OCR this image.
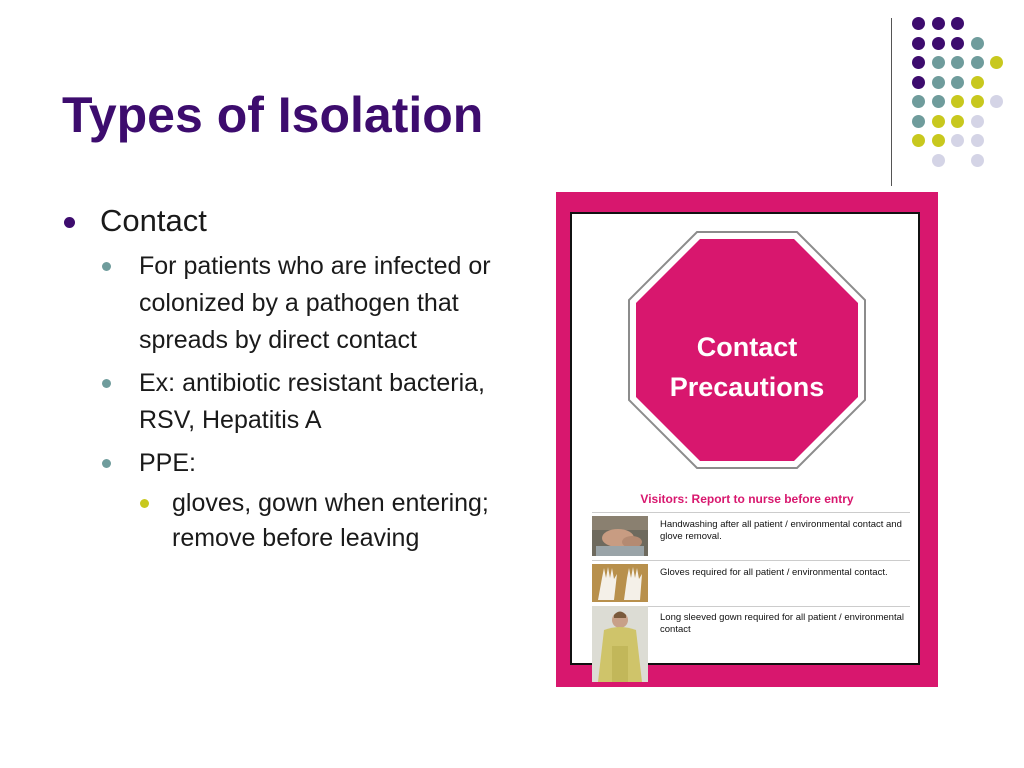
Types of Isolation
Contact
For patients who are infected or colonized by a pathogen that spreads by direct contact
Ex: antibiotic resistant bacteria, RSV, Hepatitis A
PPE:
gloves, gown when entering; remove before leaving
Contact
Precautions
Visitors: Report to nurse before entry
Handwashing after all patient / environmental contact and glove removal.
Gloves required for all patient / environmental contact.
Long sleeved gown required for all patient / environmental contact
